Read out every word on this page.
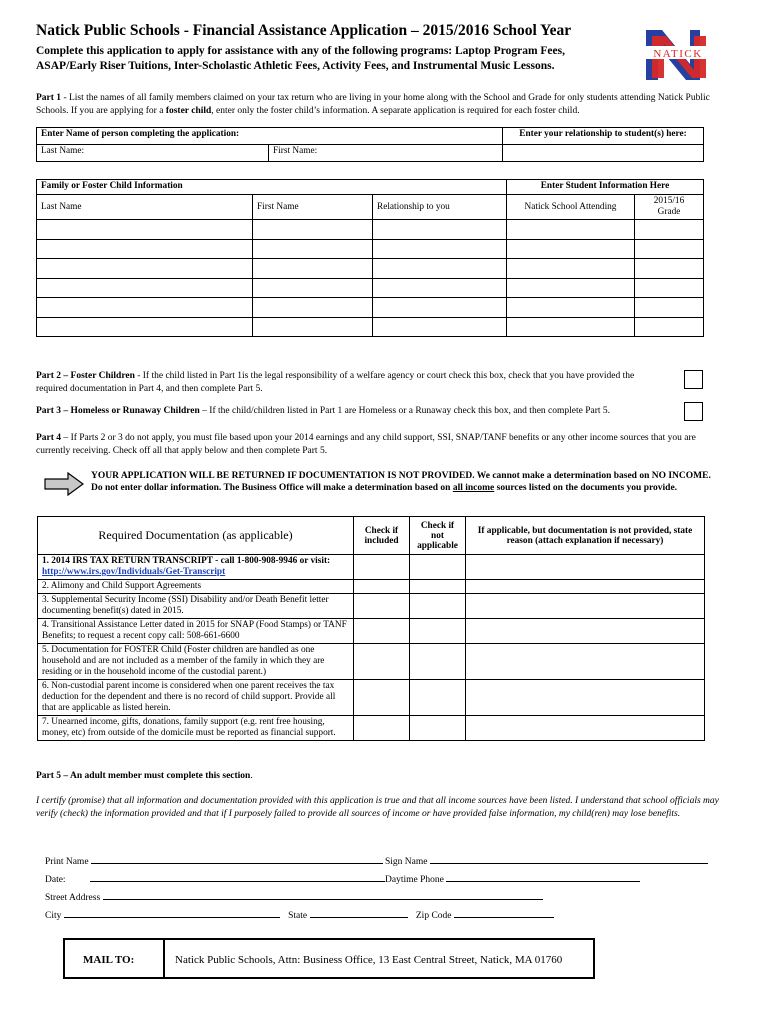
Natick Public Schools - Financial Assistance Application – 2015/2016 School Year
Complete this application to apply for assistance with any of the following programs: Laptop Program Fees, ASAP/Early Riser Tuitions, Inter-Scholastic Athletic Fees, Activity Fees, and Instrumental Music Lessons.
NATICK
Part 1 - List the names of all family members claimed on your tax return who are living in your home along with the School and Grade for only students attending Natick Public Schools. If you are applying for a foster child, enter only the foster child’s information. A separate application is required for each foster child.
Enter Name of person completing the application:		Enter your relationship to student(s) here:
Last Name:	First Name:	
Family or Foster Child Information			Enter Student Information Here	
Last Name	First Name	Relationship to you	Natick School Attending	2015/16
Grade

Part 2 – Foster Children - If the child listed in Part 1is the legal responsibility of a welfare agency or court check this box, check that you have provided the required documentation in Part 4, and then complete Part 5.
Part 3 – Homeless or Runaway Children – If the child/children listed in Part 1 are Homeless or a Runaway check this box, and then complete Part 5.
Part 4 – If Parts 2 or 3 do not apply, you must file based upon your 2014 earnings and any child support, SSI, SNAP/TANF benefits or any other income sources that you are currently receiving. Check off all that apply below and then complete Part 5.
YOUR APPLICATION WILL BE RETURNED IF DOCUMENTATION IS NOT PROVIDED. We cannot make a determination based on NO INCOME. Do not enter dollar information. The Business Office will make a determination based on all income sources listed on the documents you provide.
Required Documentation (as applicable)	Check if included	Check if not applicable	If applicable, but documentation is not provided, state reason (attach explanation if necessary)
1. 2014 IRS TAX RETURN TRANSCRIPT - call 1-800-908-9946 or visit: http://www.irs.gov/Individuals/Get-Transcript			
2. Alimony and Child Support Agreements			
3. Supplemental Security Income (SSI) Disability and/or Death Benefit letter documenting benefit(s) dated in 2015.			
4. Transitional Assistance Letter dated in 2015 for SNAP (Food Stamps) or TANF Benefits; to request a recent copy call: 508-661-6600			
5. Documentation for FOSTER Child (Foster children are handled as one household and are not included as a member of the family in which they are residing or in the household income of the custodial parent.)			
6. Non-custodial parent income is considered when one parent receives the tax deduction for the dependent and there is no record of child support. Provide all that are applicable as listed herein.			
7. Unearned income, gifts, donations, family support (e.g. rent free housing, money, etc) from outside of the domicile must be reported as financial support.			
Part 5 – An adult member must complete this section.
I certify (promise) that all information and documentation provided with this application is true and that all income sources have been listed. I understand that school officials may verify (check) the information provided and that if I purposely failed to provide all sources of income or have provided false information, my child(ren) may lose benefits.
Print Name	Sign Name
Date:	Daytime Phone
Street Address
City	State	Zip Code
MAIL TO:	Natick Public Schools, Attn: Business Office, 13 East Central Street, Natick, MA 01760
